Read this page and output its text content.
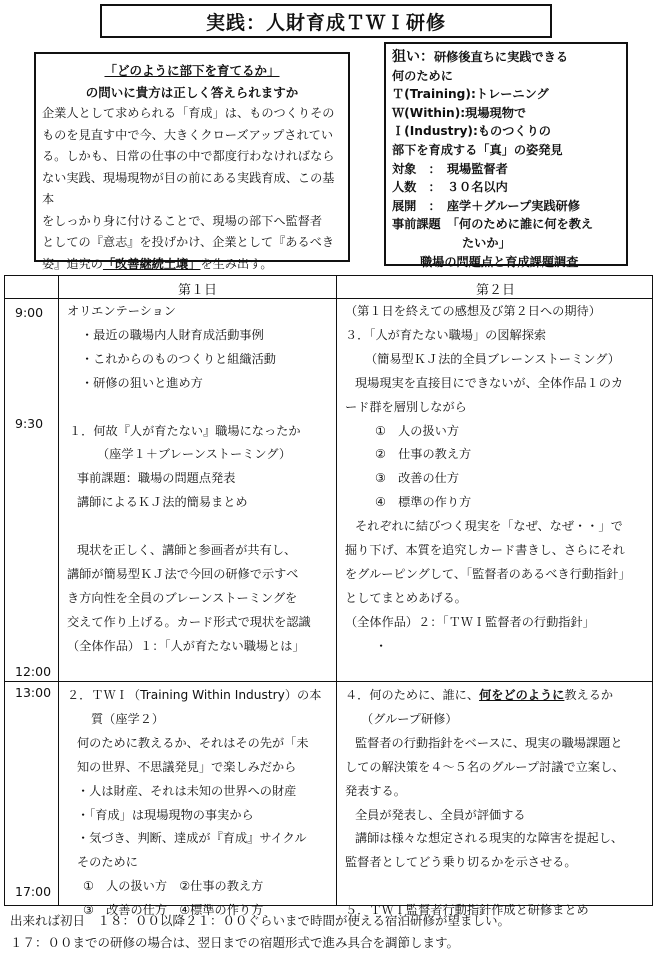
実践：人財育成ＴＷＩ研修
「どのように部下を育てるか」
の問いに貴方は正しく答えられますか

企業人として求められる「育成」は、ものつくりその

ものを見直す中で今、大きくクローズアップされてい

る。しかも、日常の仕事の中で都度行わなければなら

ない実践、現場現物が目の前にある実践育成、この基本

をしっかり身に付けることで、現場の部下へ監督者

としての『意志』を投げかけ、企業として『あるべき

姿』追究の「改善継続土壌」を生み出す。

狙い：研修後直ちに実践できる
何のために
Ｔ(Training):トレーニング
Ｗ(Within):現場現物で
Ｉ(Industry):ものつくりの
部下を育成する「真」の姿発見
対象　：　現場監督者
人数　：　３０名以内
展開　：　座学＋グループ実践研修
事前課題　「何のために誰に何を教え
たいか」
職場の問題点と育成課題調査
第１日	第２日
9:00
9:30
12:00
13:00
17:00
オリエンテーション
・最近の職場内人財育成活動事例
・これからのものつくりと組織活動
・研修の狙いと進め方

１．何故『人が育たない』職場になったか
（座学１＋ブレーンストーミング）
事前課題：職場の問題点発表
講師によるＫＪ法的簡易まとめ

現状を正しく、講師と参画者が共有し、
講師が簡易型ＫＪ法で今回の研修で示すべ
き方向性を全員のブレーンストーミングを
交えて作り上げる。カード形式で現状を認識
（全体作品）１：「人が育たない職場とは」
（第１日を終えての感想及び第２日への期待）
３．「人が育たない職場」の図解探索
（簡易型ＫＪ法的全員ブレーンストーミング）
現場現実を直接目にできないが、全体作品１のカ
ード群を層別しながら
①　人の扱い方
②　仕事の教え方
③　改善の仕方
④　標準の作り方
それぞれに結びつく現実を「なぜ、なぜ・・」で
掘り下げ、本質を追究しカード書きし、さらにそれ
をグルーピングして、「監督者のあるべき行動指針」
としてまとめあげる。
（全体作品）２：「ＴＷＩ監督者の行動指針」
・
２．ＴＷＩ（Training Within Industry）の本
質（座学２）
何のために教えるか、それはその先が「未
知の世界、不思議発見」で楽しみだから
・人は財産、それは未知の世界への財産
・「育成」は現場現物の事実から
・気づき、判断、達成が『育成』サイクル
そのために
①　人の扱い方　②仕事の教え方
③　改善の仕方　④標準の作り方
４．何のために、誰に、何をどのように教えるか
（グループ研修）
監督者の行動指針をベースに、現実の職場課題と
しての解決策を４～５名のグループ討議で立案し、
発表する。
全員が発表し、全員が評価する
講師は様々な想定される現実的な障害を提起し、
監督者としてどう乗り切るかを示させる。

５．ＴＷＩ監督者行動指針作成と研修まとめ
出来れば初日　１８：００以降２１：００ぐらいまで時間が使える宿泊研修が望ましい。
１７：００までの研修の場合は、翌日までの宿題形式で進み具合を調節します。
